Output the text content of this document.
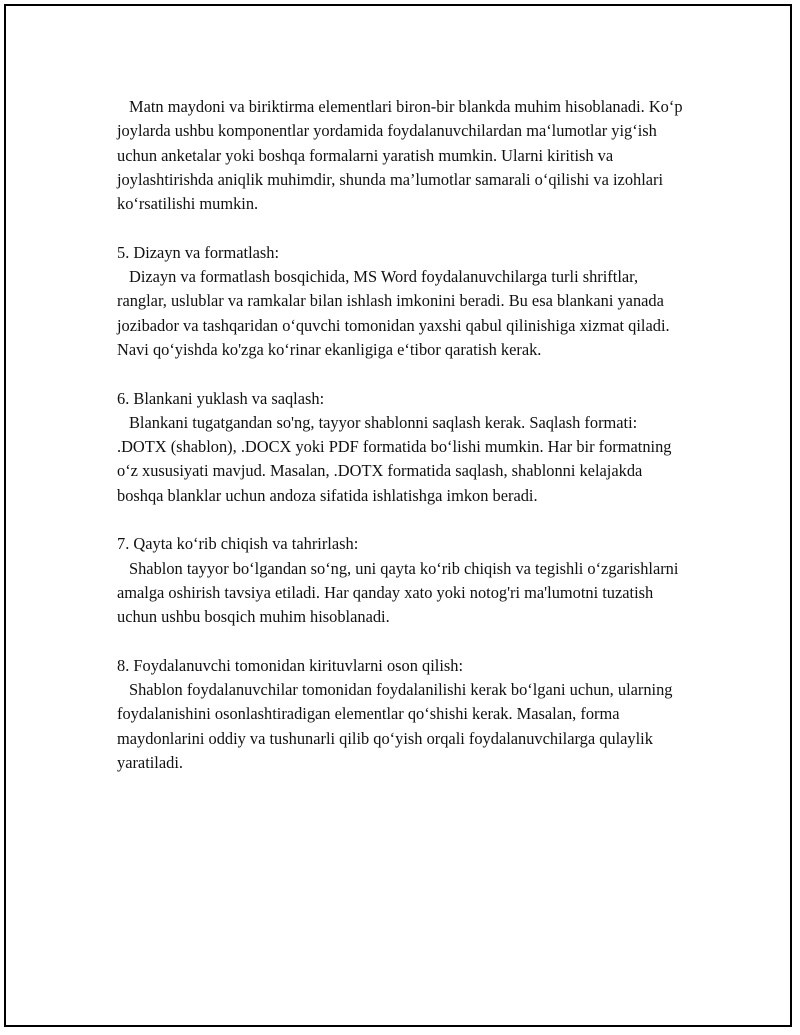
Matn maydoni va biriktirma elementlari biron-bir blankda muhim hisoblanadi. Ko‘p joylarda ushbu komponentlar yordamida foydalanuvchilardan ma‘lumotlar yig‘ish uchun anketalar yoki boshqa formalarni yaratish mumkin. Ularni kiritish va joylashtirishda aniqlik muhimdir, shunda ma’lumotlar samarali o‘qilishi va izohlari ko‘rsatilishi mumkin.

5. Dizayn va formatlash:

Dizayn va formatlash bosqichida, MS Word foydalanuvchilarga turli shriftlar, ranglar, uslublar va ramkalar bilan ishlash imkonini beradi. Bu esa blankani yanada jozibador va tashqaridan o‘quvchi tomonidan yaxshi qabul qilinishiga xizmat qiladi. Navi qo‘yishda ko'zga ko‘rinar ekanligiga e‘tibor qaratish kerak.

6. Blankani yuklash va saqlash:

Blankani tugatgandan so'ng, tayyor shablonni saqlash kerak. Saqlash formati: .DOTX (shablon), .DOCX yoki PDF formatida bo‘lishi mumkin. Har bir formatning o‘z xususiyati mavjud. Masalan, .DOTX formatida saqlash, shablonni kelajakda boshqa blanklar uchun andoza sifatida ishlatishga imkon beradi.

7. Qayta ko‘rib chiqish va tahrirlash:

Shablon tayyor bo‘lgandan so‘ng, uni qayta ko‘rib chiqish va tegishli o‘zgarishlarni amalga oshirish tavsiya etiladi. Har qanday xato yoki notog'ri ma'lumotni tuzatish uchun ushbu bosqich muhim hisoblanadi.

8. Foydalanuvchi tomonidan kirituvlarni oson qilish:

Shablon foydalanuvchilar tomonidan foydalanilishi kerak bo‘lgani uchun, ularning foydalanishini osonlashtiradigan elementlar qo‘shishi kerak. Masalan, forma maydonlarini oddiy va tushunarli qilib qo‘yish orqali foydalanuvchilarga qulaylik yaratiladi.
